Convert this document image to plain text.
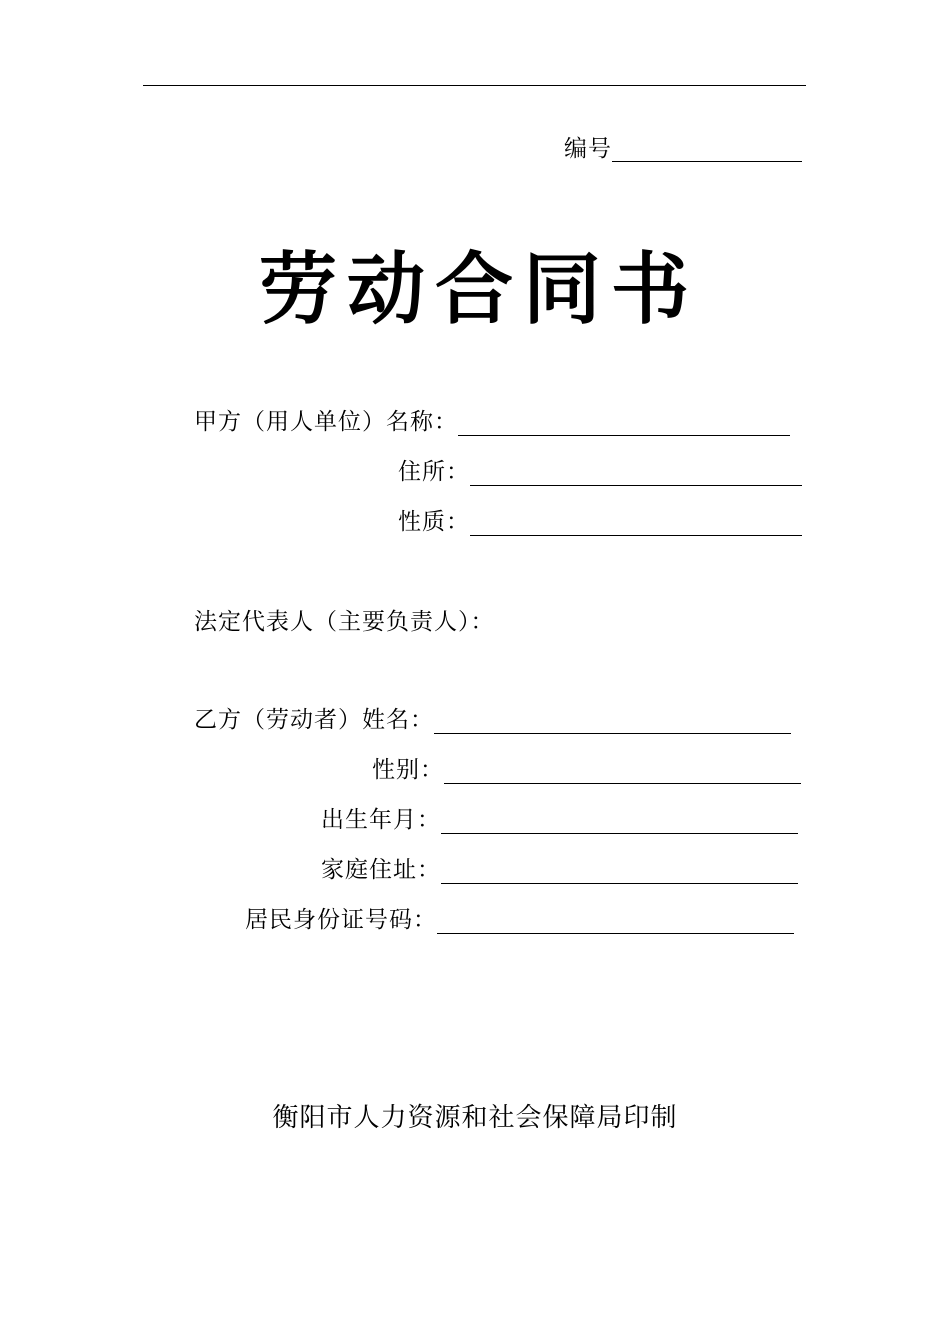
编号
劳动合同书
甲方（用人单位）名称：
住所：
性质：
法定代表人（主要负责人）：
乙方（劳动者）姓名：
性别：
出生年月：
家庭住址：
居民身份证号码：
衡阳市人力资源和社会保障局印制
